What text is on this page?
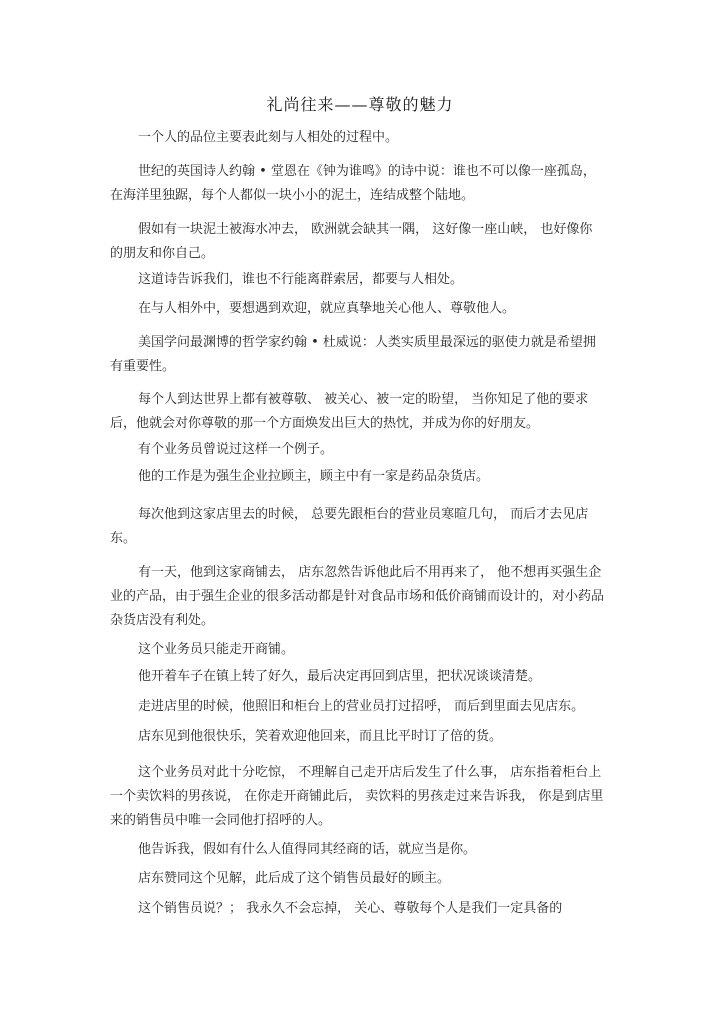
礼尚往来——尊敬的魅力

一个人的品位主要表此刻与人相处的过程中。

世纪的英国诗人约翰 • 堂恩在《钟为谁鸣》的诗中说：谁也不可以像一座孤岛，在海洋里独踞，每个人都似一块小小的泥土，连结成整个陆地。

假如有一块泥土被海水冲去， 欧洲就会缺其一隅， 这好像一座山峡， 也好像你的朋友和你自己。

这道诗告诉我们，谁也不行能离群索居，都要与人相处。

在与人相外中，要想遇到欢迎，就应真挚地关心他人、尊敬他人。

美国学问最渊博的哲学家约翰 • 杜威说：人类实质里最深远的驱使力就是希望拥有重要性。

每个人到达世界上都有被尊敬、 被关心、被一定的盼望， 当你知足了他的要求后，他就会对你尊敬的那一个方面焕发出巨大的热忱，并成为你的好朋友。

有个业务员曾说过这样一个例子。

他的工作是为强生企业拉顾主，顾主中有一家是药品杂货店。

每次他到这家店里去的时候， 总要先跟柜台的营业员寒暄几句， 而后才去见店东。

有一天，他到这家商铺去， 店东忽然告诉他此后不用再来了， 他不想再买强生企业的产品，由于强生企业的很多活动都是针对食品市场和低价商铺而设计的，对小药品杂货店没有利处。

这个业务员只能走开商铺。

他开着车子在镇上转了好久，最后决定再回到店里，把状况谈谈清楚。

走进店里的时候，他照旧和柜台上的营业员打过招呼， 而后到里面去见店东。

店东见到他很快乐，笑着欢迎他回来，而且比平时订了倍的货。

这个业务员对此十分吃惊， 不理解自己走开店后发生了什么事， 店东指着柜台上一个卖饮料的男孩说， 在你走开商铺此后， 卖饮料的男孩走过来告诉我， 你是到店里来的销售员中唯一会同他打招呼的人。

他告诉我，假如有什么人值得同其经商的话，就应当是你。

店东赞同这个见解，此后成了这个销售员最好的顾主。

这个销售员说？； 我永久不会忘掉， 关心、尊敬每个人是我们一定具备的
